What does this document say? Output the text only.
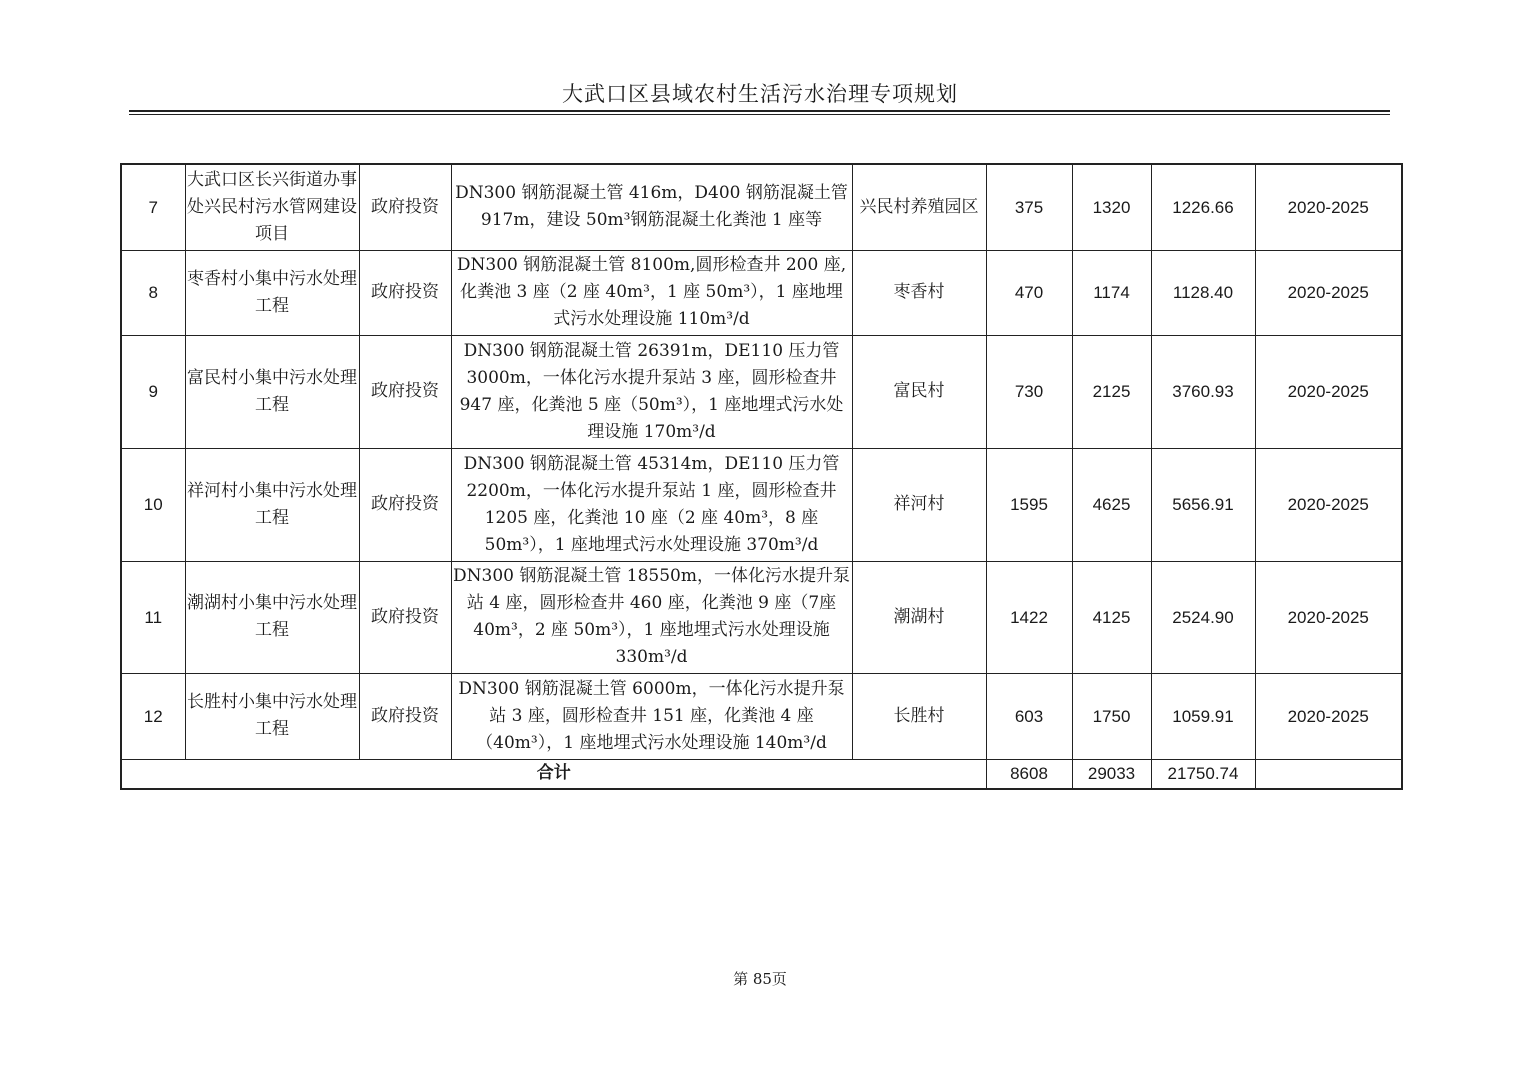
大武口区县域农村生活污水治理专项规划
7	大武口区长兴街道办事处兴民村污水管网建设项目	政府投资	DN300 钢筋混凝土管 416m，D400 钢筋混凝土管917m，建设 50m³钢筋混凝土化粪池 1 座等	兴民村养殖园区	375	1320	1226.66	2020-2025
8	枣香村小集中污水处理工程	政府投资	DN300 钢筋混凝土管 8100m,圆形检查井 200 座,化粪池 3 座（2 座 40m³，1 座 50m³），1 座地埋式污水处理设施 110m³/d	枣香村	470	1174	1128.40	2020-2025
9	富民村小集中污水处理工程	政府投资	DN300 钢筋混凝土管 26391m，DE110 压力管3000m，一体化污水提升泵站 3 座，圆形检查井947 座，化粪池 5 座（50m³），1 座地埋式污水处理设施 170m³/d	富民村	730	2125	3760.93	2020-2025
10	祥河村小集中污水处理工程	政府投资	DN300 钢筋混凝土管 45314m，DE110 压力管2200m，一体化污水提升泵站 1 座，圆形检查井1205 座，化粪池 10 座（2 座 40m³，8 座 50m³），1 座地埋式污水处理设施 370m³/d	祥河村	1595	4625	5656.91	2020-2025
11	潮湖村小集中污水处理工程	政府投资	DN300 钢筋混凝土管 18550m，一体化污水提升泵站 4 座，圆形检查井 460 座，化粪池 9 座（7座 40m³，2 座 50m³），1 座地埋式污水处理设施330m³/d	潮湖村	1422	4125	2524.90	2020-2025
12	长胜村小集中污水处理工程	政府投资	DN300 钢筋混凝土管 6000m，一体化污水提升泵站 3 座，圆形检查井 151 座，化粪池 4 座（40m³），1 座地埋式污水处理设施 140m³/d	长胜村	603	1750	1059.91	2020-2025
合计					8608	29033	21750.74	
第 85页
